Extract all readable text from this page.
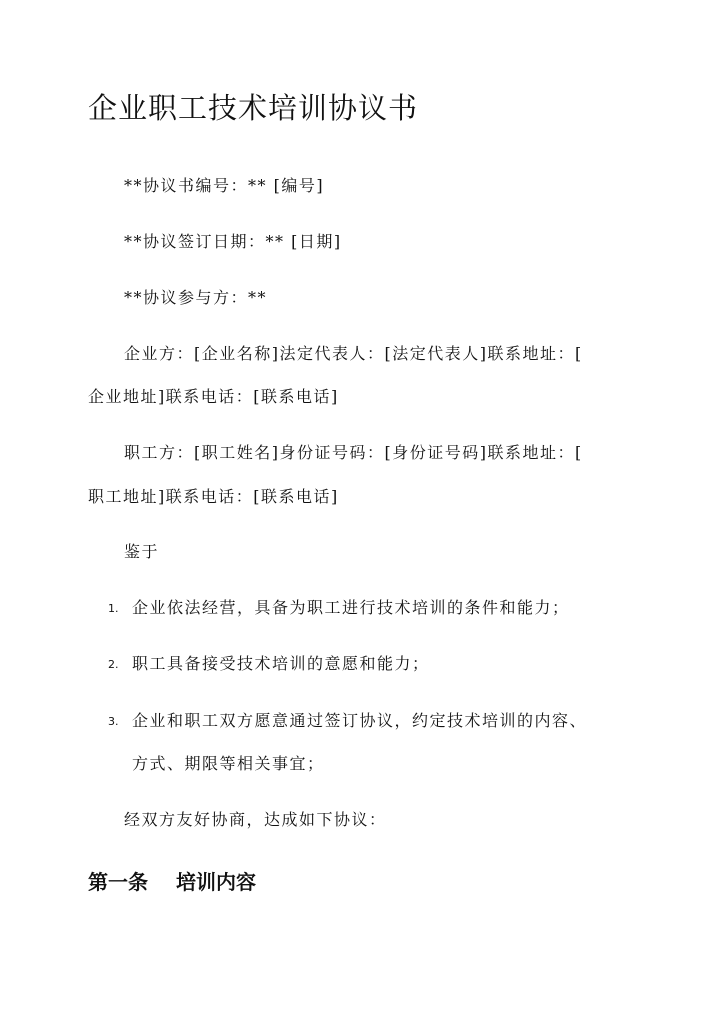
企业职工技术培训协议书

**协议书编号：** [编号]

**协议签订日期：** [日期]

**协议参与方：**

企业方：[企业名称]法定代表人：[法定代表人]联系地址：[

企业地址]联系电话：[联系电话]

职工方：[职工姓名]身份证号码：[身份证号码]联系地址：[

职工地址]联系电话：[联系电话]

鉴于

1. 企业依法经营，具备为职工进行技术培训的条件和能力；

2. 职工具备接受技术培训的意愿和能力；

3. 企业和职工双方愿意通过签订协议，约定技术培训的内容、

方式、期限等相关事宜；

经双方友好协商，达成如下协议：

第一条 培训内容
